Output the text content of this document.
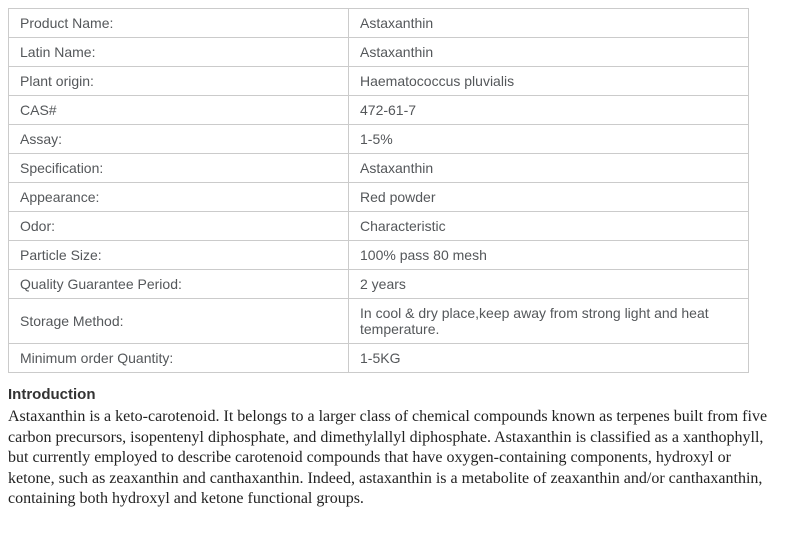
Product Name:	Astaxanthin
Latin Name:	Astaxanthin
Plant origin:	Haematococcus pluvialis
CAS#	472-61-7
Assay:	1-5%
Specification:	Astaxanthin
Appearance:	Red powder
Odor:	Characteristic
Particle Size:	100% pass 80 mesh
Quality Guarantee Period:	2 years
Storage Method:	In cool & dry place,keep away from strong light and heat temperature.
Minimum order Quantity:	1-5KG
Introduction

Astaxanthin is a keto-carotenoid. It belongs to a larger class of chemical compounds known as terpenes built from five carbon precursors, isopentenyl diphosphate, and dimethylallyl diphosphate. Astaxanthin is classified as a xanthophyll, but currently employed to describe carotenoid compounds that have oxygen-containing components, hydroxyl or ketone, such as zeaxanthin and canthaxanthin. Indeed, astaxanthin is a metabolite of zeaxanthin and/or canthaxanthin, containing both hydroxyl and ketone functional groups.
